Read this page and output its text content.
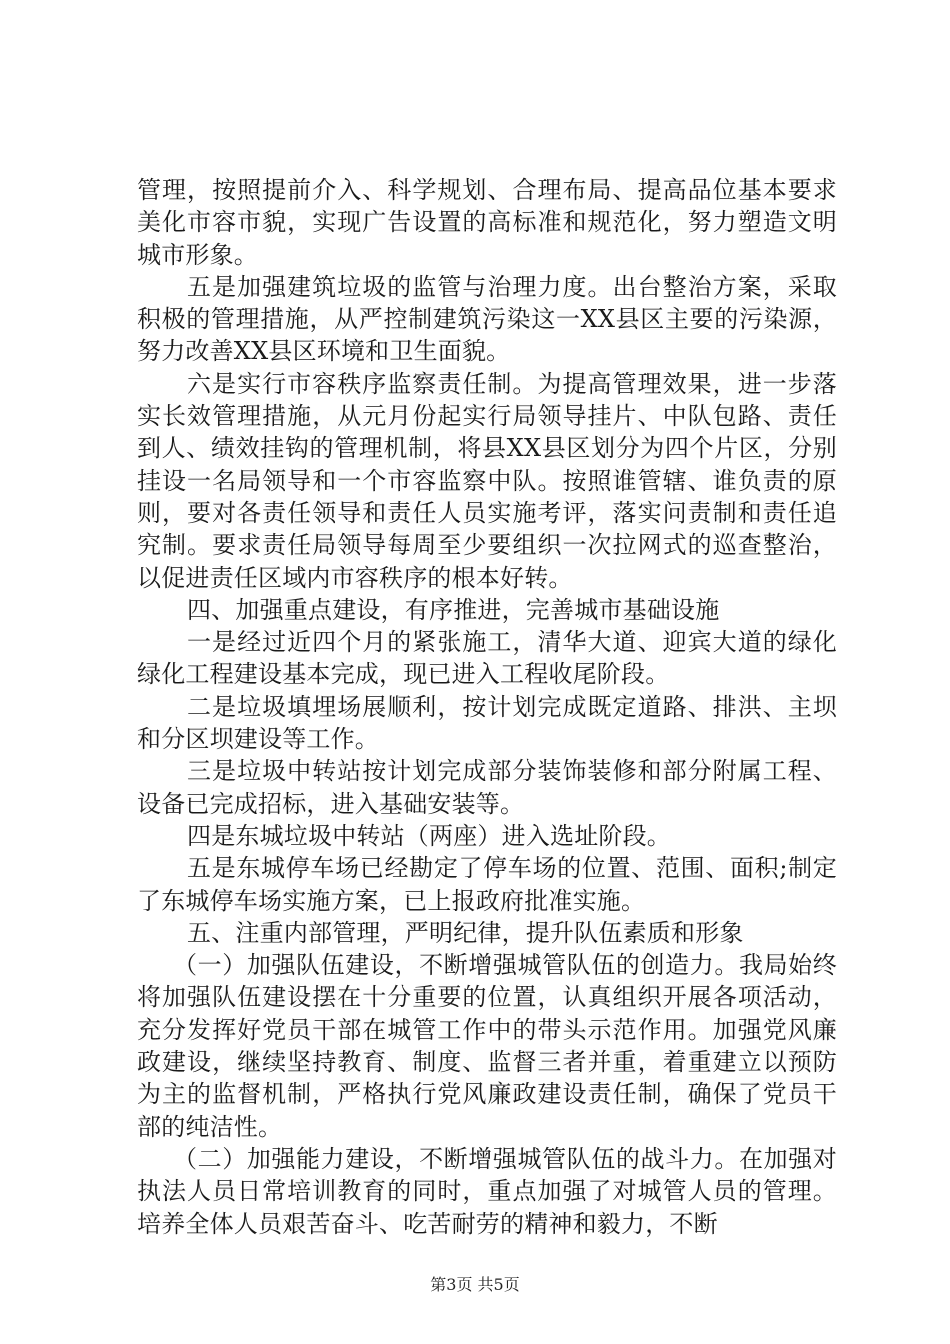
管理，按照提前介入、科学规划、合理布局、提高品位基本要求美化市容市貌，实现广告设置的高标准和规范化，努力塑造文明城市形象。

五是加强建筑垃圾的监管与治理力度。出台整治方案，采取积极的管理措施，从严控制建筑污染这一XX县区主要的污染源，努力改善XX县区环境和卫生面貌。

六是实行市容秩序监察责任制。为提高管理效果，进一步落实长效管理措施，从元月份起实行局领导挂片、中队包路、责任到人、绩效挂钩的管理机制，将县XX县区划分为四个片区，分别挂设一名局领导和一个市容监察中队。按照谁管辖、谁负责的原则，要对各责任领导和责任人员实施考评，落实问责制和责任追究制。要求责任局领导每周至少要组织一次拉网式的巡查整治，以促进责任区域内市容秩序的根本好转。

四、加强重点建设，有序推进，完善城市基础设施

一是经过近四个月的紧张施工，清华大道、迎宾大道的绿化绿化工程建设基本完成，现已进入工程收尾阶段。

二是垃圾填埋场展顺利，按计划完成既定道路、排洪、主坝和分区坝建设等工作。

三是垃圾中转站按计划完成部分装饰装修和部分附属工程、设备已完成招标，进入基础安装等。

四是东城垃圾中转站（两座）进入选址阶段。

五是东城停车场已经勘定了停车场的位置、范围、面积;制定了东城停车场实施方案，已上报政府批准实施。

五、注重内部管理，严明纪律，提升队伍素质和形象

（一）加强队伍建设，不断增强城管队伍的创造力。我局始终将加强队伍建设摆在十分重要的位置，认真组织开展各项活动，充分发挥好党员干部在城管工作中的带头示范作用。加强党风廉政建设，继续坚持教育、制度、监督三者并重，着重建立以预防为主的监督机制，严格执行党风廉政建设责任制，确保了党员干部的纯洁性。

（二）加强能力建设，不断增强城管队伍的战斗力。在加强对执法人员日常培训教育的同时，重点加强了对城管人员的管理。培养全体人员艰苦奋斗、吃苦耐劳的精神和毅力，不断

第3页 共5页
